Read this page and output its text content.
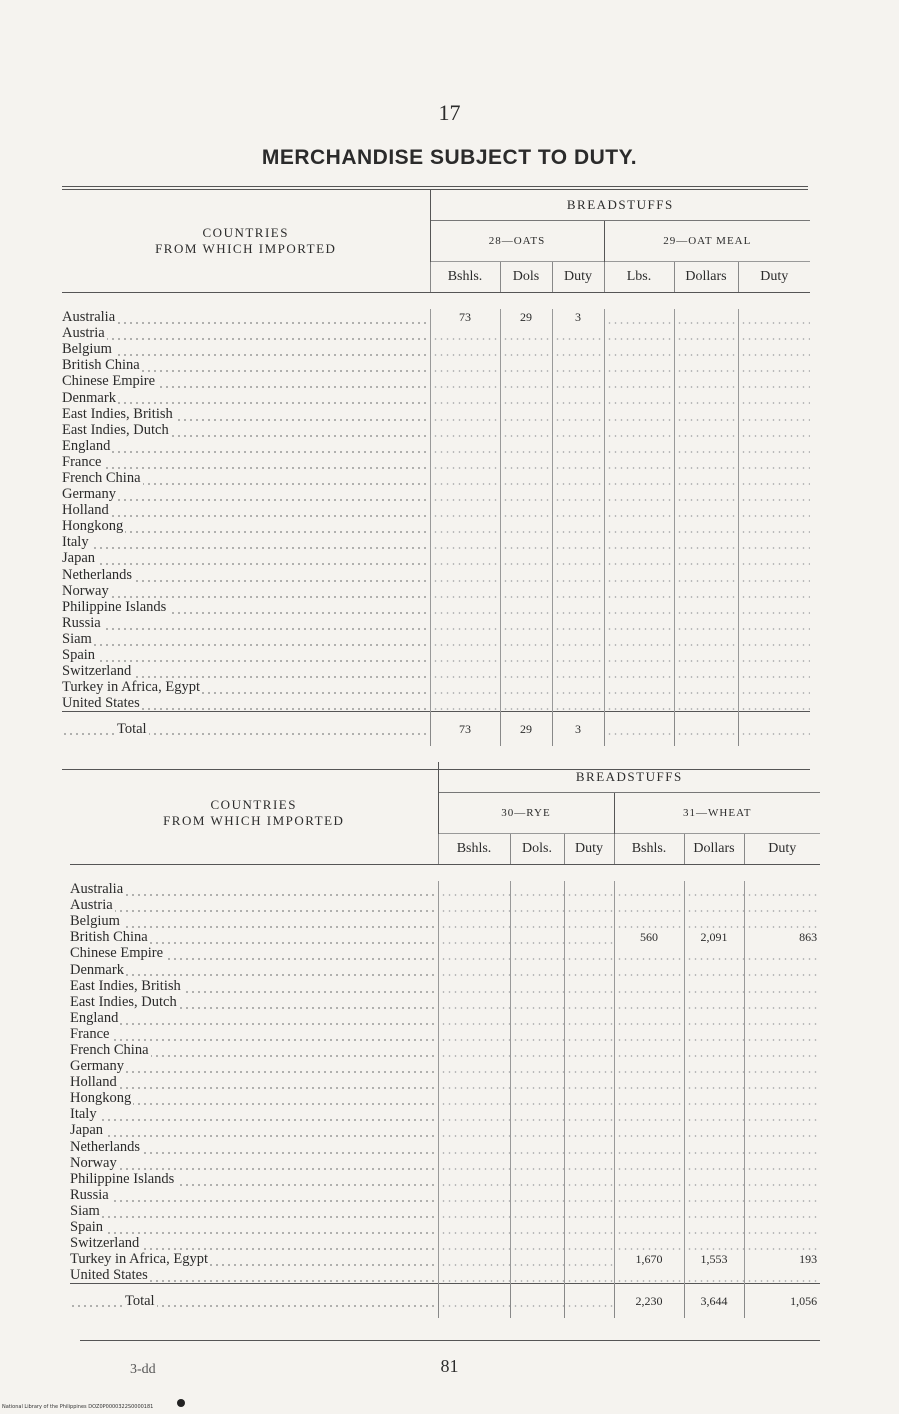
17
MERCHANDISE SUBJECT TO DUTY.
COUNTRIES
FROM WHICH IMPORTED	BREADSTUFFS					
	28—OATS			29—OAT MEAL		
	Bshls.	Dols	Duty	Lbs.	Dollars	Duty

Australia	73	29	3			
Austria						
Belgium						
British China						
Chinese Empire						
Denmark						
East Indies, British						
East Indies, Dutch						
England						
France						
French China						
Germany						
Holland						
Hongkong						
Italy						
Japan						
Netherlands						
Norway						
Philippine Islands						
Russia						
Siam						
Spain						
Switzerland						
Turkey in Africa, Egypt						
United States						
Total	73	29	3			
COUNTRIES
FROM WHICH IMPORTED	BREADSTUFFS					
	30—RYE			31—WHEAT		
	Bshls.	Dols.	Duty	Bshls.	Dollars	Duty

Australia						
Austria						
Belgium						
British China				560	2,091	863
Chinese Empire						
Denmark						
East Indies, British						
East Indies, Dutch						
England						
France						
French China						
Germany						
Holland						
Hongkong						
Italy						
Japan						
Netherlands						
Norway						
Philippine Islands						
Russia						
Siam						
Spain						
Switzerland						
Turkey in Africa, Egypt				1,670	1,553	193
United States						
Total				2,230	3,644	1,056
3-dd	81
National Library of the Philippines DOZ0P0000322S0000181
